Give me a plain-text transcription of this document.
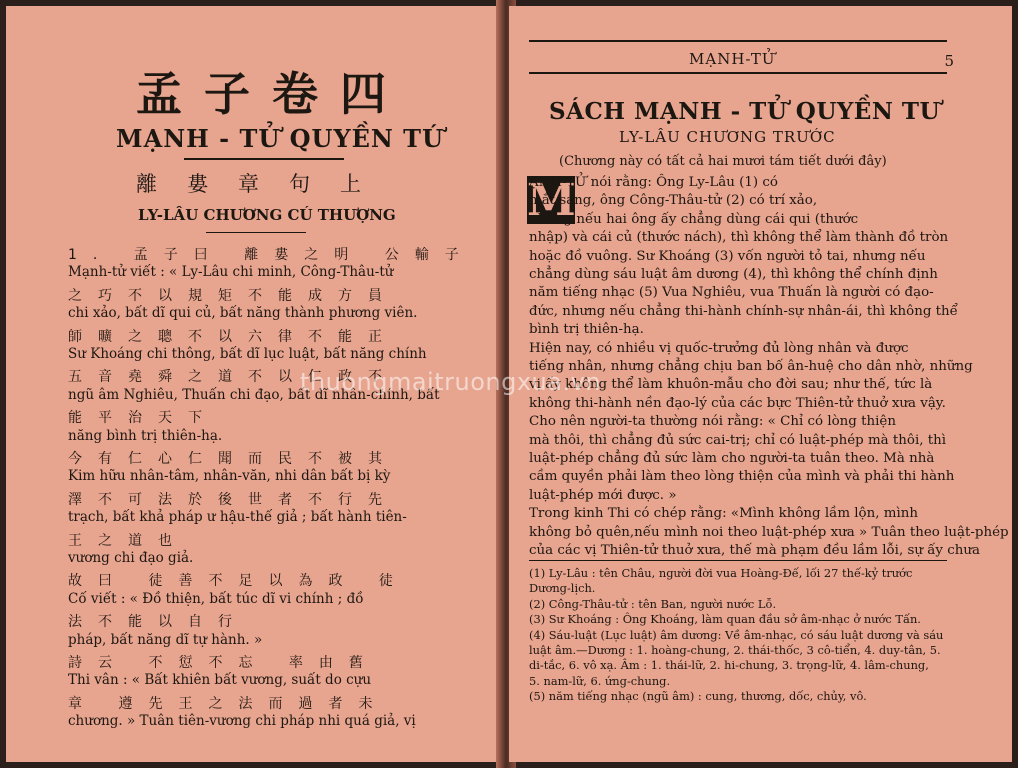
孟子卷四
MẠNH - TỬ QUYỀN TỨ
離婁章句上
LY-LÂU CHƯƠNG CÚ THƯỢNG
1. 孟子曰 離婁之明 公輸子
Mạnh-tử viết : « Ly-Lâu chi minh, Công-Thâu-tử
之巧不以規矩不能成方員
chi xảo, bất dĩ qui củ, bất năng thành phương viên.
師曠之聰不以六律不能正
Sư Khoáng chi thông, bất dĩ lục luật, bất năng chính
五音堯舜之道不以仁政不
ngũ âm Nghiêu, Thuấn chi đạo, bất dĩ nhân-chính, bất
能平治天下
năng bình trị thiên-hạ.
今有仁心仁聞而民不被其
Kim hữu nhân-tâm, nhân-văn, nhi dân bất bị kỳ
澤不可法於後世者不行先
trạch, bất khả pháp ư hậu-thế giả ; bất hành tiên-
王之道也
vương chi đạo giả.
故曰 徒善不足以為政 徒
Cố viết : « Đồ thiện, bất túc dĩ vi chính ; đồ
法不能以自行
pháp, bất năng dĩ tự hành. »
詩云 不愆不忘 率由舊
Thi vân : « Bất khiên bất vương, suất do cựu
章 遵先王之法而過者未
chương. » Tuân tiên-vương chi pháp nhi quá giả, vị
MẠNH-TỬ	5
SÁCH MẠNH - TỬ QUYỀN TƯ
LY-LÂU CHƯƠNG TRƯỚC
(Chương này có tất cả hai mươi tám tiết dưới đây)
M
ẠNH-TỬ nói rằng: Ông Ly-Lâu (1) có
mắt sáng, ông Công-Thâu-tử (2) có trí xảo,
nhưng nếu hai ông ấy chẳng dùng cái qui (thước
nhập) và cái củ (thước nách), thì không thể làm thành đồ tròn
hoặc đồ vuông. Sư Khoáng (3) vốn người tỏ tai, nhưng nếu
chẳng dùng sáu luật âm dương (4), thì không thể chính định
năm tiếng nhạc (5) Vua Nghiêu, vua Thuấn là người có đạo-
đức, nhưng nếu chẳng thi-hành chính-sự nhân-ái, thì không thể
bình trị thiên-hạ.
Hiện nay, có nhiều vị quốc-trưởng đủ lòng nhân và được
tiếng nhân, nhưng chẳng chịu ban bố ân-huệ cho dân nhờ, những
vị ấy không thể làm khuôn-mẫu cho đời sau; như thế, tức là
không thi-hành nền đạo-lý của các bực Thiên-tử thuở xưa vậy.
Cho nên người-ta thường nói rằng: « Chỉ có lòng thiện
mà thôi, thì chẳng đủ sức cai-trị; chỉ có luật-phép mà thôi, thì
luật-phép chẳng đủ sức làm cho người-ta tuân theo. Mà nhà
cầm quyền phải làm theo lòng thiện của mình và phải thi hành
luật-phép mới được. »
Trong kinh Thi có chép rằng: «Mình không lầm lộn, mình
không bỏ quên,nếu mình noi theo luật-phép xưa » Tuân theo luật-phép
của các vị Thiên-tử thuở xưa, thế mà phạm đều lầm lỗi, sự ấy chưa
(1) Ly-Lâu : tên Châu, người đời vua Hoàng-Đế, lối 27 thế-kỷ trước
Dương-lịch.
(2) Công-Thâu-tử : tên Ban, người nước Lỗ.
(3) Sư Khoáng : Ông Khoáng, làm quan đầu sở âm-nhạc ở nước Tấn.
(4) Sáu-luật (Lục luật) âm dương: Về âm-nhạc, có sáu luật dương và sáu
luật âm.—Dương : 1. hoàng-chung, 2. thái-thốc, 3 cô-tiển, 4. duy-tân, 5.
di-tắc, 6. vô xạ. Âm : 1. thái-lữ, 2. hi-chung, 3. trọng-lữ, 4. lâm-chung,
5. nam-lữ, 6. ứng-chung.
(5) năm tiếng nhạc (ngũ âm) : cung, thương, dốc, chủy, vô.
thuongmaitruongxua.vn
